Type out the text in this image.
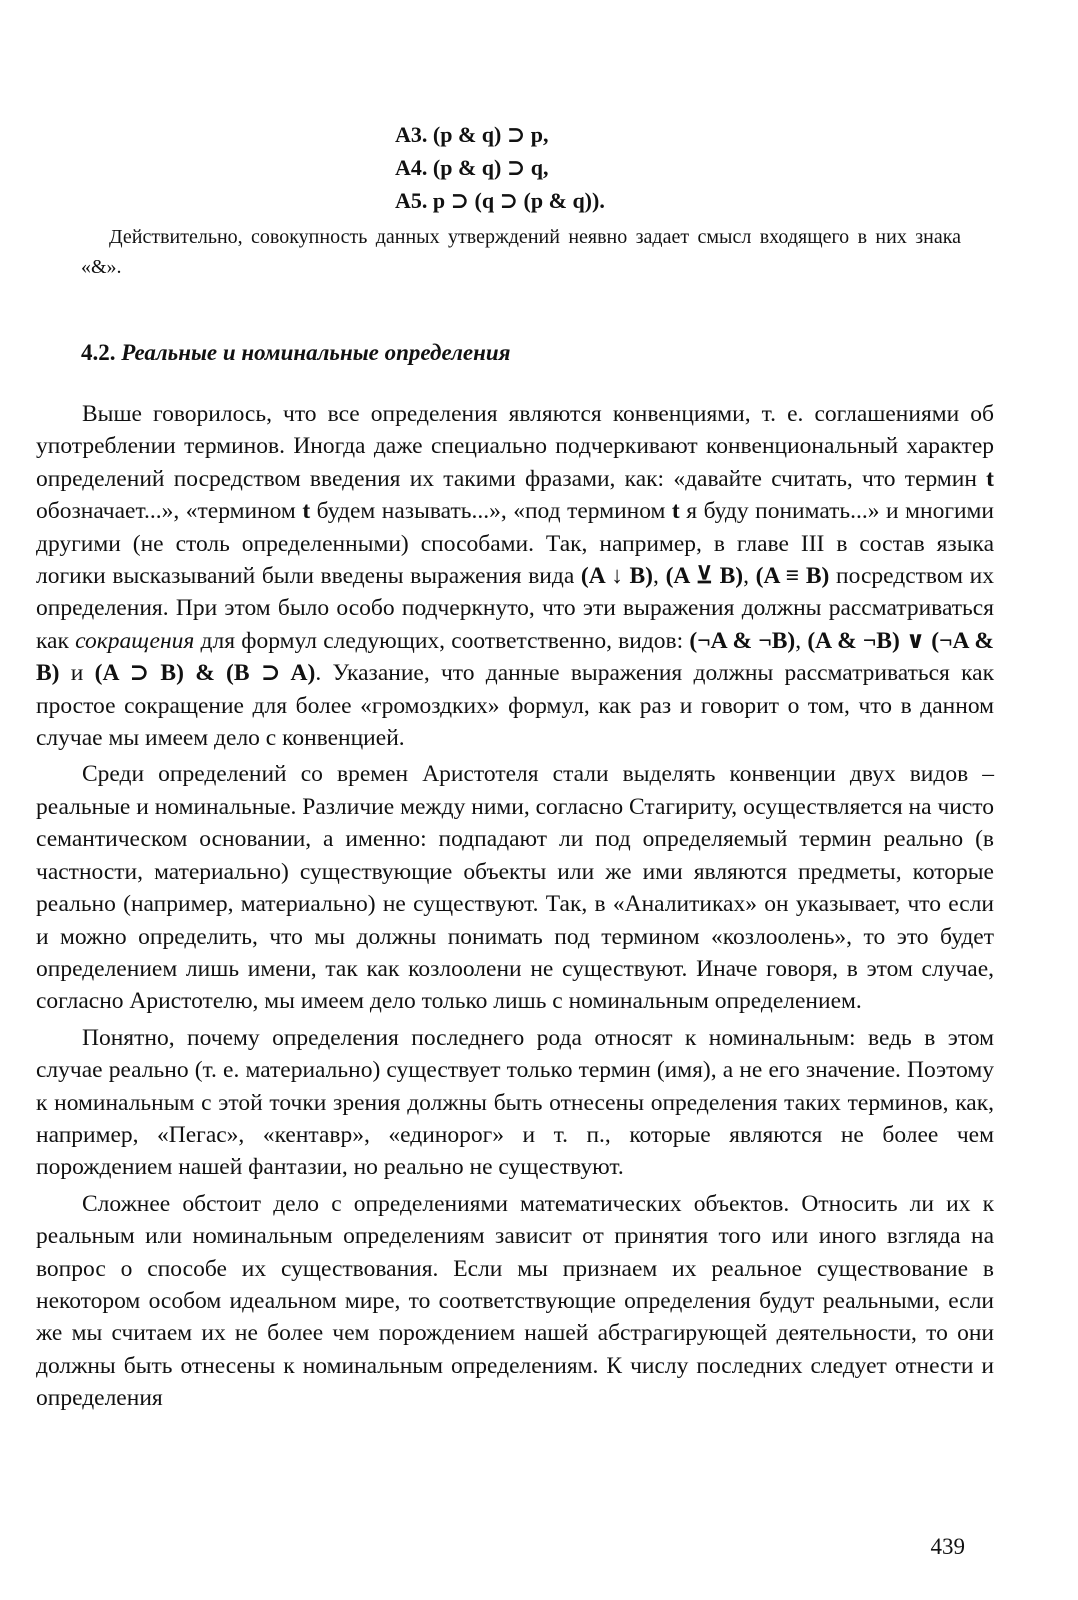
A3. (p & q) ⊃ p,
A4. (p & q) ⊃ q,
A5. p ⊃ (q ⊃ (p & q)).
Действительно, совокупность данных утверждений неявно задает смысл входящего в них знака «&».
4.2. Реальные и номинальные определения

Выше говорилось, что все определения являются конвенциями, т. е. соглашениями об употреблении терминов. Иногда даже специально подчеркивают конвенциональный характер определений посредством введения их такими фразами, как: «давайте считать, что термин t обозначает...», «термином t будем называть...», «под термином t я буду понимать...» и многими другими (не столь определенными) способами. Так, например, в главе III в состав языка логики высказываний были введены выражения вида (A ↓ B), (A ⊻ B), (A ≡ B) посредством их определения. При этом было особо подчеркнуто, что эти выражения должны рассматриваться как сокращения для формул следующих, соответственно, видов: (¬A & ¬B), (A & ¬B) ∨ (¬A & B) и (A ⊃ B) & (B ⊃ A). Указание, что данные выражения должны рассматриваться как простое сокращение для более «громоздких» формул, как раз и говорит о том, что в данном случае мы имеем дело с конвенцией.

Среди определений со времен Аристотеля стали выделять конвенции двух видов – реальные и номинальные. Различие между ними, согласно Стагириту, осуществляется на чисто семантическом основании, а именно: подпадают ли под определяемый термин реально (в частности, материально) существующие объекты или же ими являются предметы, которые реально (например, материально) не существуют. Так, в «Аналитиках» он указывает, что если и можно определить, что мы должны понимать под термином «козлоолень», то это будет определением лишь имени, так как козлоолени не существуют. Иначе говоря, в этом случае, согласно Аристотелю, мы имеем дело только лишь с номинальным определением.

Понятно, почему определения последнего рода относят к номинальным: ведь в этом случае реально (т. е. материально) существует только термин (имя), а не его значение. Поэтому к номинальным с этой точки зрения должны быть отнесены определения таких терминов, как, например, «Пегас», «кентавр», «единорог» и т. п., которые являются не более чем порождением нашей фантазии, но реально не существуют.

Сложнее обстоит дело с определениями математических объектов. Относить ли их к реальным или номинальным определениям зависит от принятия того или иного взгляда на вопрос о способе их существования. Если мы признаем их реальное существование в некотором особом идеальном мире, то соответствующие определения будут реальными, если же мы считаем их не более чем порождением нашей абстрагирующей деятельности, то они должны быть отнесены к номинальным определениям. К числу последних следует отнести и определения

439
